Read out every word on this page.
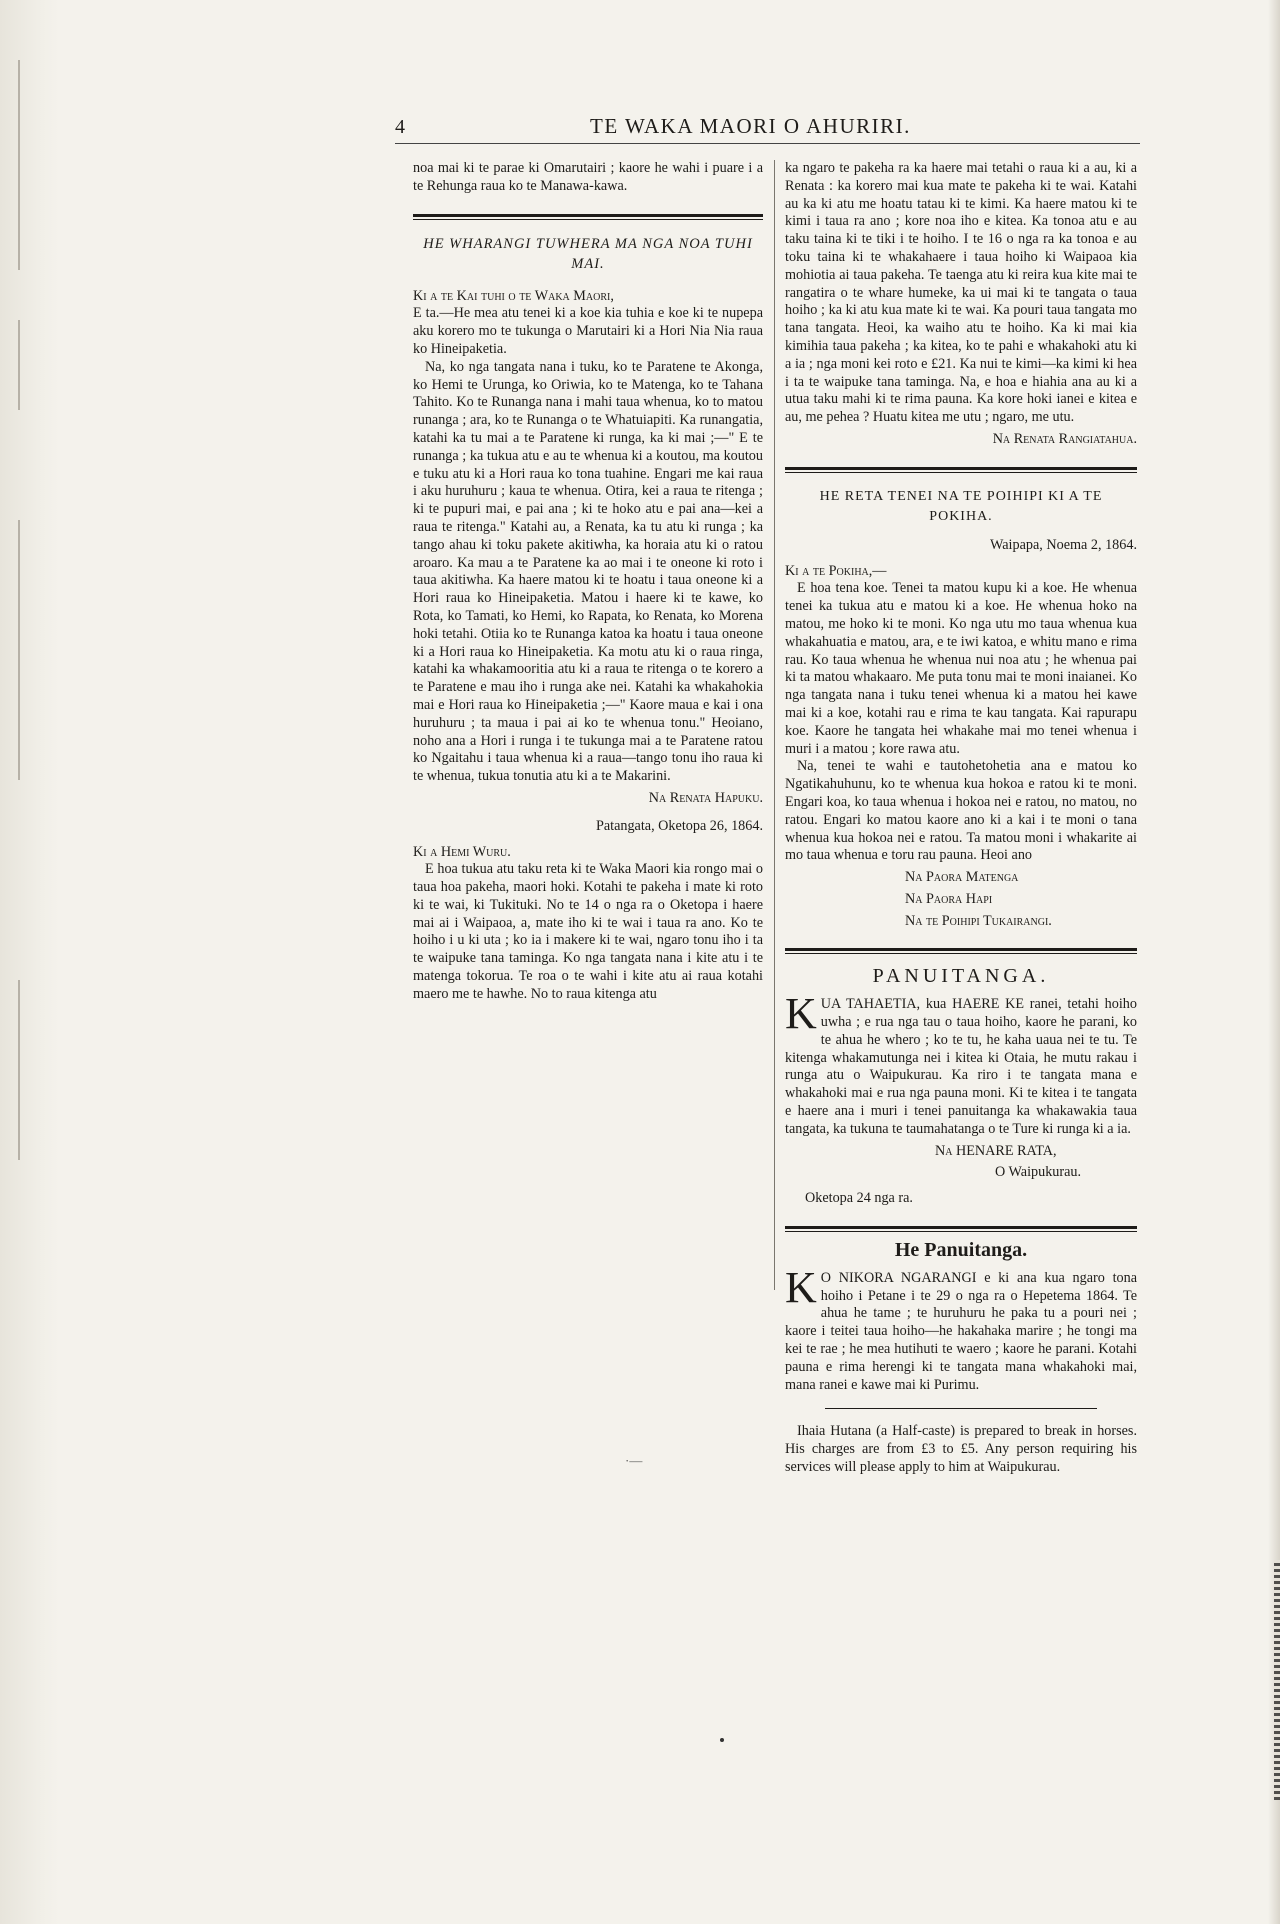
4	TE WAKA MAORI O AHURIRI.

noa mai ki te parae ki Omarutairi ; kaore he wahi i puare i a te Rehunga raua ko te Manawa-kawa.

HE WHARANGI TUWHERA MA NGA NOA TUHI MAI.

Ki a te Kai tuhi o te Waka Maori,

E ta.—He mea atu tenei ki a koe kia tuhia e koe ki te nupepa aku korero mo te tukunga o Marutairi ki a Hori Nia Nia raua ko Hineipaketia.

Na, ko nga tangata nana i tuku, ko te Paratene te Akonga, ko Hemi te Urunga, ko Oriwia, ko te Matenga, ko te Tahana Tahito. Ko te Runanga nana i mahi taua whenua, ko to matou runanga ; ara, ko te Runanga o te Whatuiapiti. Ka runangatia, katahi ka tu mai a te Paratene ki runga, ka ki mai ;—" E te runanga ; ka tukua atu e au te whenua ki a koutou, ma koutou e tuku atu ki a Hori raua ko tona tuahine. Engari me kai raua i aku huruhuru ; kaua te whenua. Otira, kei a raua te ritenga ; ki te pupuri mai, e pai ana ; ki te hoko atu e pai ana—kei a raua te ritenga." Katahi au, a Renata, ka tu atu ki runga ; ka tango ahau ki toku pakete akitiwha, ka horaia atu ki o ratou aroaro. Ka mau a te Paratene ka ao mai i te oneone ki roto i taua akitiwha. Ka haere matou ki te hoatu i taua oneone ki a Hori raua ko Hineipaketia. Matou i haere ki te kawe, ko Rota, ko Tamati, ko Hemi, ko Rapata, ko Renata, ko Morena hoki tetahi. Otiia ko te Runanga katoa ka hoatu i taua oneone ki a Hori raua ko Hineipaketia. Ka motu atu ki o raua ringa, katahi ka whakamooritia atu ki a raua te ritenga o te korero a te Paratene e mau iho i runga ake nei. Katahi ka whakahokia mai e Hori raua ko Hineipaketia ;—" Kaore maua e kai i ona huruhuru ; ta maua i pai ai ko te whenua tonu." Heoiano, noho ana a Hori i runga i te tukunga mai a te Paratene ratou ko Ngaitahu i taua whenua ki a raua—tango tonu iho raua ki te whenua, tukua tonutia atu ki a te Makarini.

Na Renata Hapuku.

Patangata, Oketopa 26, 1864.

Ki a Hemi Wuru.

E hoa tukua atu taku reta ki te Waka Maori kia rongo mai o taua hoa pakeha, maori hoki. Kotahi te pakeha i mate ki roto ki te wai, ki Tukituki. No te 14 o nga ra o Oketopa i haere mai ai i Waipaoa, a, mate iho ki te wai i taua ra ano. Ko te hoiho i u ki uta ; ko ia i makere ki te wai, ngaro tonu iho i ta te waipuke tana taminga. Ko nga tangata nana i kite atu i te matenga tokorua. Te roa o te wahi i kite atu ai raua kotahi maero me te hawhe. No to raua kitenga atu

·—

ka ngaro te pakeha ra ka haere mai tetahi o raua ki a au, ki a Renata : ka korero mai kua mate te pakeha ki te wai. Katahi au ka ki atu me hoatu tatau ki te kimi. Ka haere matou ki te kimi i taua ra ano ; kore noa iho e kitea. Ka tonoa atu e au taku taina ki te tiki i te hoiho. I te 16 o nga ra ka tonoa e au toku taina ki te whakahaere i taua hoiho ki Waipaoa kia mohiotia ai taua pakeha. Te taenga atu ki reira kua kite mai te rangatira o te whare humeke, ka ui mai ki te tangata o taua hoiho ; ka ki atu kua mate ki te wai. Ka pouri taua tangata mo tana tangata. Heoi, ka waiho atu te hoiho. Ka ki mai kia kimihia taua pakeha ; ka kitea, ko te pahi e whakahoki atu ki a ia ; nga moni kei roto e £21. Ka nui te kimi—ka kimi ki hea i ta te waipuke tana taminga. Na, e hoa e hiahia ana au ki a utua taku mahi ki te rima pauna. Ka kore hoki ianei e kitea e au, me pehea ? Huatu kitea me utu ; ngaro, me utu.

Na Renata Rangiatahua.

HE RETA TENEI NA TE POIHIPI KI A TE
POKIHA.

Waipapa, Noema 2, 1864.

Ki a te Pokiha,—

E hoa tena koe. Tenei ta matou kupu ki a koe. He whenua tenei ka tukua atu e matou ki a koe. He whenua hoko na matou, me hoko ki te moni. Ko nga utu mo taua whenua kua whakahuatia e matou, ara, e te iwi katoa, e whitu mano e rima rau. Ko taua whenua he whenua nui noa atu ; he whenua pai ki ta matou whakaaro. Me puta tonu mai te moni inaianei. Ko nga tangata nana i tuku tenei whenua ki a matou hei kawe mai ki a koe, kotahi rau e rima te kau tangata. Kai rapurapu koe. Kaore he tangata hei whakahe mai mo tenei whenua i muri i a matou ; kore rawa atu.

Na, tenei te wahi e tautohetohetia ana e matou ko Ngatikahuhunu, ko te whenua kua hokoa e ratou ki te moni. Engari koa, ko taua whenua i hokoa nei e ratou, no matou, no ratou. Engari ko matou kaore ano ki a kai i te moni o tana whenua kua hokoa nei e ratou. Ta matou moni i whakarite ai mo taua whenua e toru rau pauna. Heoi ano

Na Paora Matenga

Na Paora Hapi

Na te Poihipi Tukairangi.

PANUITANGA.

KUA TAHAETIA, kua HAERE KE ranei, tetahi hoiho uwha ; e rua nga tau o taua hoiho, kaore he parani, ko te ahua he whero ; ko te tu, he kaha uaua nei te tu. Te kitenga whakamutunga nei i kitea ki Otaia, he mutu rakau i runga atu o Waipukurau. Ka riro i te tangata mana e whakahoki mai e rua nga pauna moni. Ki te kitea i te tangata e haere ana i muri i tenei panuitanga ka whakawakia taua tangata, ka tukuna te taumahatanga o te Ture ki runga ki a ia.

Na HENARE RATA,

O Waipukurau.

Oketopa 24 nga ra.

He Panuitanga.

KO NIKORA NGARANGI e ki ana kua ngaro tona hoiho i Petane i te 29 o nga ra o Hepetema 1864. Te ahua he tame ; te huruhuru he paka tu a pouri nei ; kaore i teitei taua hoiho—he hakahaka marire ; he tongi ma kei te rae ; he mea hutihuti te waero ; kaore he parani. Kotahi pauna e rima herengi ki te tangata mana whakahoki mai, mana ranei e kawe mai ki Purimu.

Ihaia Hutana (a Half-caste) is prepared to break in horses. His charges are from £3 to £5. Any person requiring his services will please apply to him at Waipukurau.
